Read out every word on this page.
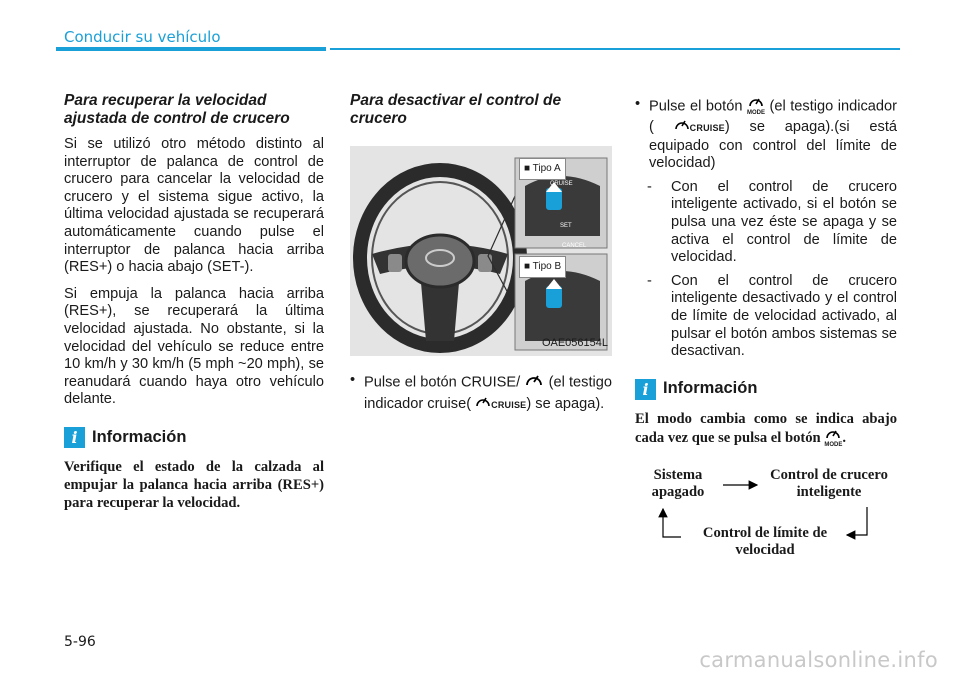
Conducir su vehículo
Para recuperar la velocidad ajustada de control de crucero

Si se utilizó otro método distinto al interruptor de palanca de control de crucero para cancelar la velocidad de crucero y el sistema sigue activo, la última velocidad ajustada se recuperará automáticamente cuando pulse el interruptor de palanca hacia arriba (RES+) o hacia abajo (SET-).

Si empuja la palanca hacia arriba (RES+), se recuperará la última velocidad ajustada. No obstante, si la velocidad del vehículo se reduce entre 10 km/h y 30 km/h (5 mph ~20 mph), se reanudará cuando haya otro vehículo delante.

i Información
Verifique el estado de la calzada al empujar la palanca hacia arriba (RES+) para recuperar la velocidad.
Para desactivar el control de crucero
■ Tipo A
■ Tipo B
CRUISE
SET
CANCEL
OAE056154L
• Pulse el botón CRUISE/  (el testigo indicador cruise( CRUISE) se apaga).
• Pulse el botón MODE (el testigo indicador (	CRUISE) se apaga).(si está equipado con control del límite de velocidad)
- Con el control de crucero inteligente activado, si el botón se pulsa una vez éste se apaga y se activa el control de límite de velocidad.
- Con el control de crucero inteligente desactivado y el control de límite de velocidad activado, al pulsar el botón ambos sistemas se desactivan.
i Información
El modo cambia como se indica abajo cada vez que se pulsa el botón MODE.
Sistema apagado
Control de crucero inteligente
Control de límite de velocidad
5-96
carmanualsonline.info
